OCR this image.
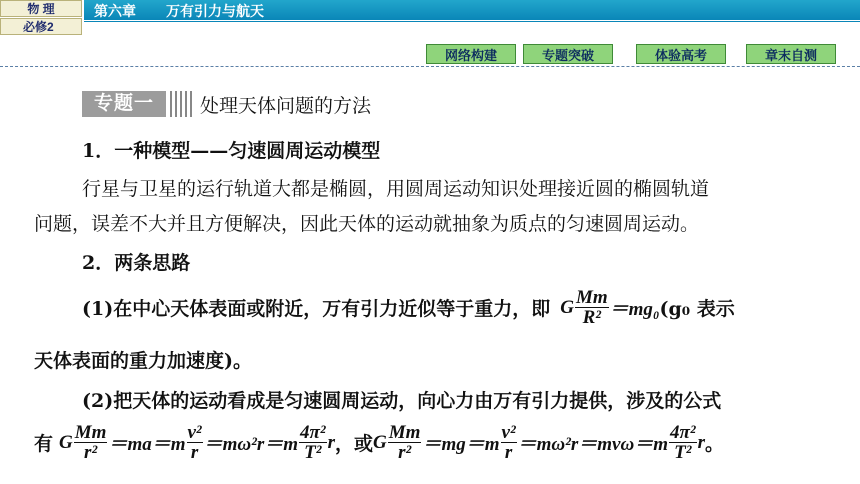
物 理
必修2
第六章 万有引力与航天
网络构建	专题突破	体验高考	章末自测
专题一	处理天体问题的方法
1．一种模型——匀速圆周运动模型
行星与卫星的运行轨道大都是椭圆，用圆周运动知识处理接近圆的椭圆轨道
问题，误差不大并且方便解决，因此天体的运动就抽象为质点的匀速圆周运动。
2．两条思路
(1)在中心天体表面或附近，万有引力近似等于重力，即 G $\frac{Mm}{\text{R²}} =mg_0$ (g₀ 表示
天体表面的重力加速度)。
(2)把天体的运动看成是匀速圆周运动，向心力由万有引力提供，涉及的公式
有 G $\frac{Mm}{\text{r²}} =ma=m \frac{\text{v²}}{r} =m\omega^2r=m \frac{\text{4π²}}{\text{T²}}$ r ，或 G $\frac{Mm}{\text{r²}} =mg=m \frac{\text{v²}}{r} =m\omega^2r=mv\omega=m \frac{\text{4π²}}{\text{T²}}$ r 。
